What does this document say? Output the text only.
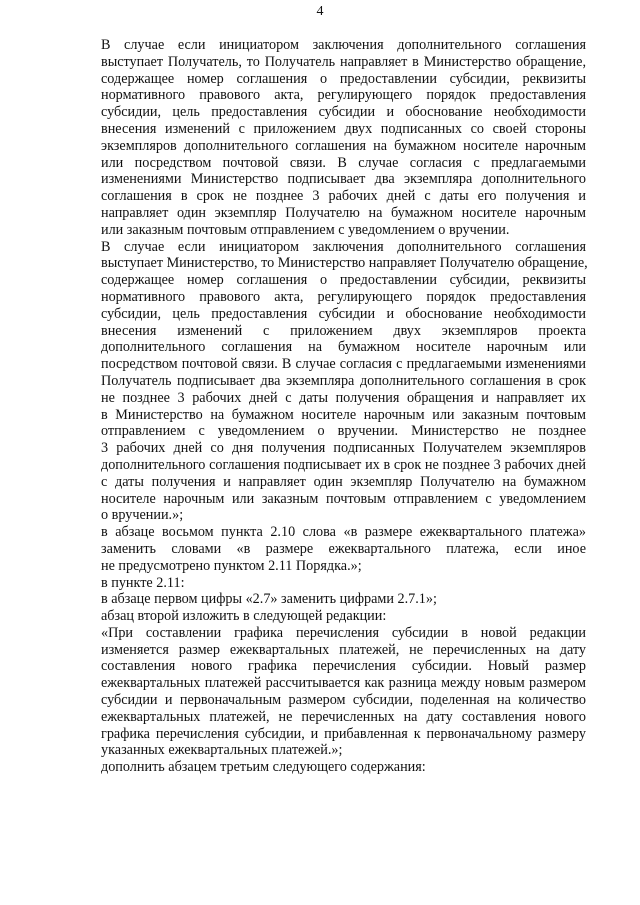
4

В случае если инициатором заключения дополнительного соглашения
выступает Получатель, то Получатель направляет в Министерство обращение,
содержащее номер соглашения о предоставлении субсидии, реквизиты
нормативного правового акта, регулирующего порядок предоставления
субсидии, цель предоставления субсидии и обоснование необходимости
внесения изменений с приложением двух подписанных со своей стороны
экземпляров дополнительного соглашения на бумажном носителе нарочным
или посредством почтовой связи. В случае согласия с предлагаемыми
изменениями Министерство подписывает два экземпляра дополнительного
соглашения в срок не позднее 3 рабочих дней с даты его получения и
направляет один экземпляр Получателю на бумажном носителе нарочным
или заказным почтовым отправлением с уведомлением о вручении.

В случае если инициатором заключения дополнительного соглашения
выступает Министерство, то Министерство направляет Получателю обращение,
содержащее номер соглашения о предоставлении субсидии, реквизиты
нормативного правового акта, регулирующего порядок предоставления
субсидии, цель предоставления субсидии и обоснование необходимости
внесения изменений с приложением двух экземпляров проекта
дополнительного соглашения на бумажном носителе нарочным или
посредством почтовой связи. В случае согласия с предлагаемыми изменениями
Получатель подписывает два экземпляра дополнительного соглашения в срок
не позднее 3 рабочих дней с даты получения обращения и направляет их
в Министерство на бумажном носителе нарочным или заказным почтовым
отправлением с уведомлением о вручении. Министерство не позднее
3 рабочих дней со дня получения подписанных Получателем экземпляров
дополнительного соглашения подписывает их в срок не позднее 3 рабочих дней
с даты получения и направляет один экземпляр Получателю на бумажном
носителе нарочным или заказным почтовым отправлением с уведомлением
о вручении.»;

в абзаце восьмом пункта 2.10 слова «в размере ежеквартального платежа»
заменить словами «в размере ежеквартального платежа, если иное
не предусмотрено пунктом 2.11 Порядка.»;

в пункте 2.11:

в абзаце первом цифры «2.7» заменить цифрами 2.7.1»;

абзац второй изложить в следующей редакции:

«При составлении графика перечисления субсидии в новой редакции
изменяется размер ежеквартальных платежей, не перечисленных на дату
составления нового графика перечисления субсидии. Новый размер
ежеквартальных платежей рассчитывается как разница между новым размером
субсидии и первоначальным размером субсидии, поделенная на количество
ежеквартальных платежей, не перечисленных на дату составления нового
графика перечисления субсидии, и прибавленная к первоначальному размеру
указанных ежеквартальных платежей.»;

дополнить абзацем третьим следующего содержания:
